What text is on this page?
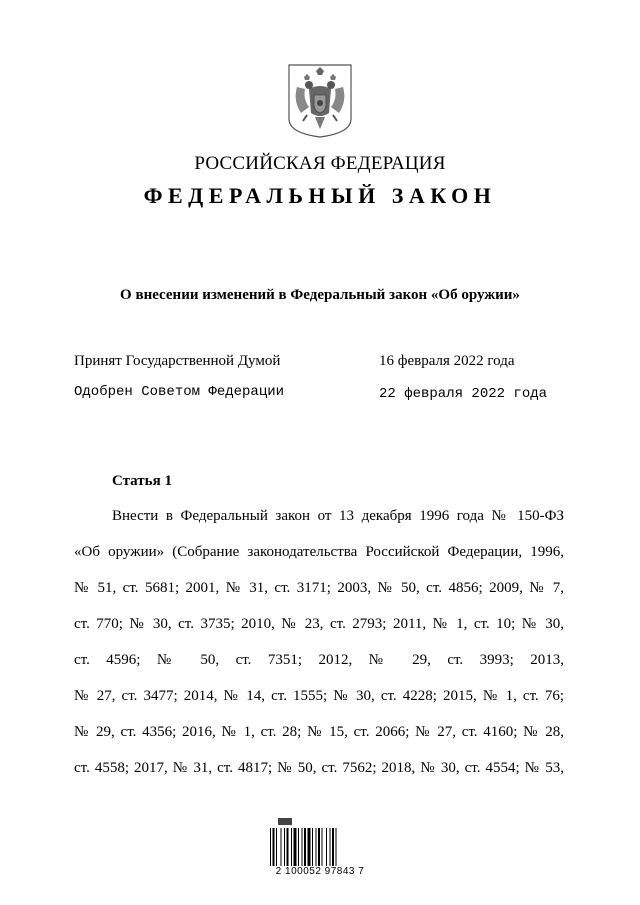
РОССИЙСКАЯ ФЕДЕРАЦИЯ
ФЕДЕРАЛЬНЫЙ ЗАКОН
О внесении изменений в Федеральный закон «Об оружии»
Принят Государственной Думой	16 февраля 2022 года
Одобрен Советом Федерации	22 февраля 2022 года
Статья 1
Внести в Федеральный закон от 13 декабря 1996 года № 150-ФЗ
«Об оружии» (Собрание законодательства Российской Федерации, 1996,
№ 51, ст. 5681; 2001, № 31, ст. 3171; 2003, № 50, ст. 4856; 2009, № 7,
ст. 770; № 30, ст. 3735; 2010, № 23, ст. 2793; 2011, № 1, ст. 10; № 30,
ст. 4596; № 50, ст. 7351; 2012, № 29, ст. 3993; 2013,
№ 27, ст. 3477; 2014, № 14, ст. 1555; № 30, ст. 4228; 2015, № 1, ст. 76;
№ 29, ст. 4356; 2016, № 1, ст. 28; № 15, ст. 2066; № 27, ст. 4160; № 28,
ст. 4558; 2017, № 31, ст. 4817; № 50, ст. 7562; 2018, № 30, ст. 4554; № 53,
2 100052 97843 7
